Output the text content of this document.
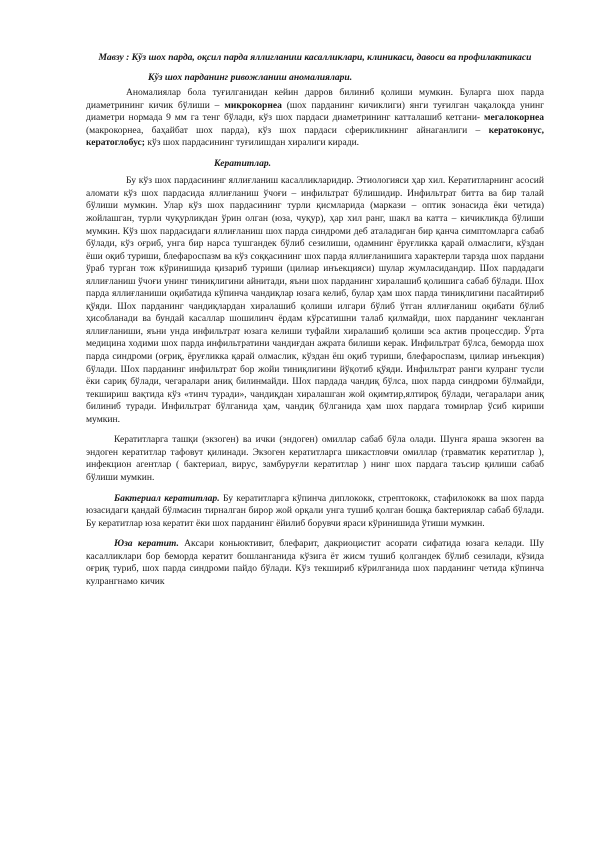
Мавзу : Кўз шох парда, оқсил парда яллигланиш касалликлари, клиникаси, давоси ва профилактикаси
Кўз шох парданинг ривожланиш аномалиялари.

Аномалиялар бола туғилганидан кейин дарров билиниб қолиши мумкин. Буларга шох парда диаметрининг кичик бўлиши – микрокорнеа (шох парданинг кичиклиги) янги туғилган чақалоқда унинг диаметри нормада 9 мм га тенг бўлади, кўз шох пардаси диаметрининг катталашиб кетгани- мегалокорнеа (макрокорнеа, баҳайбат шох парда), кўз шох пардаси сферикликнинг айнаганлиги – кератоконус, кератоглобус; кўз шох пардасининг туғилишдан хиралиги киради.

Кератитлар.

Бу кўз шох пардасининг яллиғланиш касалликларидир. Этиологияси ҳар хил. Кератитларнинг асосий аломати кўз шох пардасида яллиғланиш ўчоғи – инфильтрат бўлишидир. Инфильтрат битта ва бир талай бўлиши мумкин. Улар кўз шох пардасининг турли қисмларида (маркази – оптик зонасида ёки четида) жойлашган, турли чуқурликдан ўрин олган (юза, чуқур), ҳар хил ранг, шакл ва катта – кичикликда бўлиши мумкин. Кўз шох пардасидаги яллиғланиш шох парда синдроми деб аталадиган бир қанча симптомларга сабаб бўлади, кўз оғриб, унга бир нарса тушгандек бўлиб сезилиши, одамнинг ёруғликка қарай олмаслиги, кўздан ёши оқиб туриши, блефароспазм ва кўз соққасининг шох парда яллиғланишига характерли тарзда шох пардани ўраб турган тож кўринишида қизариб туриши (цилиар инъекцияси) шулар жумласидандир. Шох пардадаги яллиғланиш ўчоғи унинг тиниқлигини айнитади, яъни шох парданинг хиралашиб қолишига сабаб бўлади. Шох парда яллиғланиши оқибатида кўпинча чандиқлар юзага келиб, булар ҳам шох парда тиниқлигини пасайтириб қўяди. Шох парданинг чандиқлардан хиралашиб қолиши илгари бўлиб ўтган яллиғланиш оқибати бўлиб ҳисобланади ва бундай касаллар шошилинч ёрдам кўрсатишни талаб қилмайди, шох парданинг чекланган яллиғланиши, яъни унда инфильтрат юзага келиши туфайли хиралашиб қолиши эса актив процессдир. Ўрта медицина ходими шох парда инфильтратини чандиғдан ажрата билиши керак. Инфильтрат бўлса, беморда шох парда синдроми (оғриқ, ёруғликка қарай олмаслик, кўздан ёш оқиб туриши, блефароспазм, цилиар инъекция) бўлади. Шох парданинг инфильтрат бор жойи тиниқлигини йўқотиб қўяди. Инфильтрат ранги кулранг тусли ёки сариқ бўлади, чегаралари аниқ билинмайди. Шох пардада чандиқ бўлса, шох парда синдроми бўлмайди, текшириш вақтида кўз «тинч туради», чандиқдан хиралашган жой оқимтир,ялтироқ бўлади, чегаралари аниқ билиниб туради. Инфильтрат бўлганида ҳам, чандиқ бўлганида ҳам шох пардага томирлар ўсиб кириши мумкин.

Кератитларга ташқи (экзоген) ва ички (эндоген) омиллар сабаб бўла олади. Шунга яраша экзоген ва эндоген кератитлар тафовут қилинади. Экзоген кератитларга шикастловчи омиллар (травматик кератитлар ), инфекцион агентлар ( бактериал, вирус, замбуруғли кератитлар ) нинг шох пардага таъсир қилиши сабаб бўлиши мумкин.

Бактериал кератитлар. Бу кератитларга кўпинча диплококк, стрептококк, стафилококк ва шох парда юзасидаги қандай бўлмасин тирналган бирор жой орқали унга тушиб қолган бошқа бактериялар сабаб бўлади. Бу кератитлар юза кератит ёки шох парданинг ёйилиб борувчи яраси кўринишида ўтиши мумкин.

Юза кератит. Аксари коньюктивит, блефарит, дакриоцистит асорати сифатида юзага келади. Шу касалликлари бор беморда кератит бошланганида кўзига ёт жисм тушиб қолгандек бўлиб сезилади, кўзида оғриқ туриб, шох парда синдроми пайдо бўлади. Кўз текшириб кўрилганида шох парданинг четида кўпинча кулрангнамо кичик
